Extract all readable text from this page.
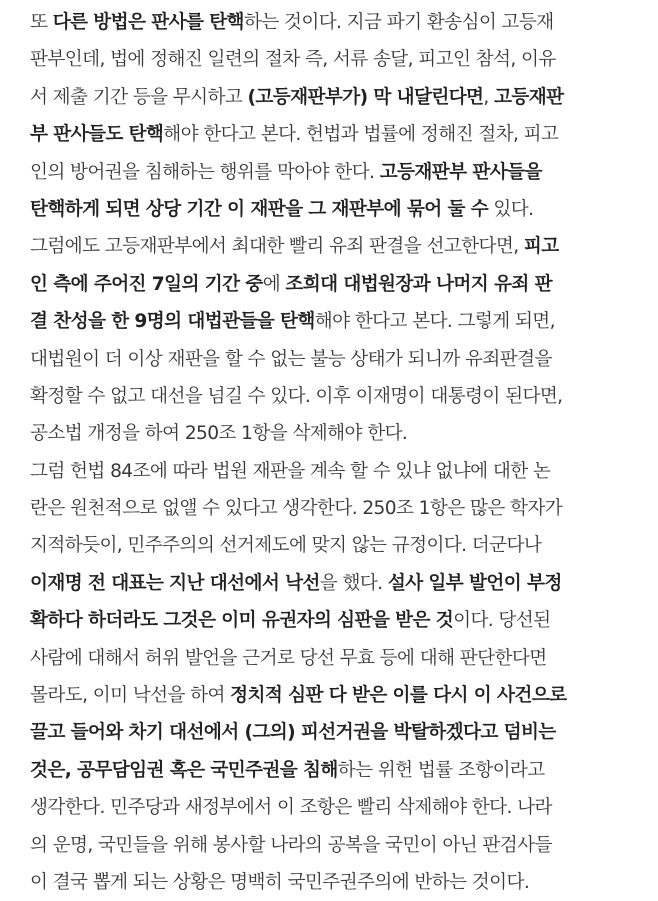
또 다른 방법은 판사를 탄핵하는 것이다. 지금 파기 환송심이 고등재
판부인데, 법에 정해진 일련의 절차 즉, 서류 송달, 피고인 참석, 이유
서 제출 기간 등을 무시하고 (고등재판부가) 막 내달린다면, 고등재판
부 판사들도 탄핵해야 한다고 본다. 헌법과 법률에 정해진 절차, 피고
인의 방어권을 침해하는 행위를 막아야 한다. 고등재판부 판사들을
탄핵하게 되면 상당 기간 이 재판을 그 재판부에 묶어 둘 수 있다.
그럼에도 고등재판부에서 최대한 빨리 유죄 판결을 선고한다면, 피고
인 측에 주어진 7일의 기간 중에 조희대 대법원장과 나머지 유죄 판
결 찬성을 한 9명의 대법관들을 탄핵해야 한다고 본다. 그렇게 되면,
대법원이 더 이상 재판을 할 수 없는 불능 상태가 되니까 유죄판결을
확정할 수 없고 대선을 넘길 수 있다. 이후 이재명이 대통령이 된다면,
공소법 개정을 하여 250조 1항을 삭제해야 한다.
그럼 헌법 84조에 따라 법원 재판을 계속 할 수 있냐 없냐에 대한 논
란은 원천적으로 없앨 수 있다고 생각한다. 250조 1항은 많은 학자가
지적하듯이, 민주주의의 선거제도에 맞지 않는 규정이다. 더군다나
이재명 전 대표는 지난 대선에서 낙선을 했다. 설사 일부 발언이 부정
확하다 하더라도 그것은 이미 유권자의 심판을 받은 것이다. 당선된
사람에 대해서 허위 발언을 근거로 당선 무효 등에 대해 판단한다면
몰라도, 이미 낙선을 하여 정치적 심판 다 받은 이를 다시 이 사건으로
끌고 들어와 차기 대선에서 (그의) 피선거권을 박탈하겠다고 덤비는
것은, 공무담임권 혹은 국민주권을 침해하는 위헌 법률 조항이라고
생각한다. 민주당과 새정부에서 이 조항은 빨리 삭제해야 한다. 나라
의 운명, 국민들을 위해 봉사할 나라의 공복을 국민이 아닌 판검사들
이 결국 뽑게 되는 상황은 명백히 국민주권주의에 반하는 것이다.
